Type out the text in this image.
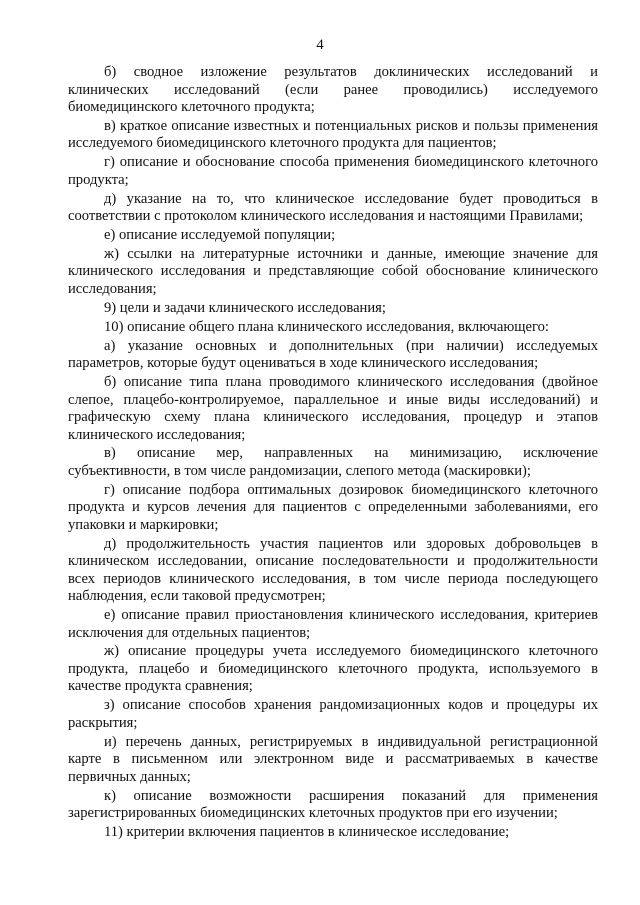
4

б) сводное изложение результатов доклинических исследований и клинических исследований (если ранее проводились) исследуемого биомедицинского клеточного продукта;

в) краткое описание известных и потенциальных рисков и пользы применения исследуемого биомедицинского клеточного продукта для пациентов;

г) описание и обоснование способа применения биомедицинского клеточного продукта;

д) указание на то, что клиническое исследование будет проводиться в соответствии с протоколом клинического исследования и настоящими Правилами;

е) описание исследуемой популяции;

ж) ссылки на литературные источники и данные, имеющие значение для клинического исследования и представляющие собой обоснование клинического исследования;

9) цели и задачи клинического исследования;

10) описание общего плана клинического исследования, включающего:

а) указание основных и дополнительных (при наличии) исследуемых параметров, которые будут оцениваться в ходе клинического исследования;

б) описание типа плана проводимого клинического исследования (двойное слепое, плацебо-контролируемое, параллельное и иные виды исследований) и графическую схему плана клинического исследования, процедур и этапов клинического исследования;

в) описание мер, направленных на минимизацию, исключение субъективности, в том числе рандомизации, слепого метода (маскировки);

г) описание подбора оптимальных дозировок биомедицинского клеточного продукта и курсов лечения для пациентов с определенными заболеваниями, его упаковки и маркировки;

д) продолжительность участия пациентов или здоровых добровольцев в клиническом исследовании, описание последовательности и продолжительности всех периодов клинического исследования, в том числе периода последующего наблюдения, если таковой предусмотрен;

е) описание правил приостановления клинического исследования, критериев исключения для отдельных пациентов;

ж) описание процедуры учета исследуемого биомедицинского клеточного продукта, плацебо и биомедицинского клеточного продукта, используемого в качестве продукта сравнения;

з) описание способов хранения рандомизационных кодов и процедуры их раскрытия;

и) перечень данных, регистрируемых в индивидуальной регистрационной карте в письменном или электронном виде и рассматриваемых в качестве первичных данных;

к) описание возможности расширения показаний для применения зарегистрированных биомедицинских клеточных продуктов при его изучении;

11) критерии включения пациентов в клиническое исследование;
